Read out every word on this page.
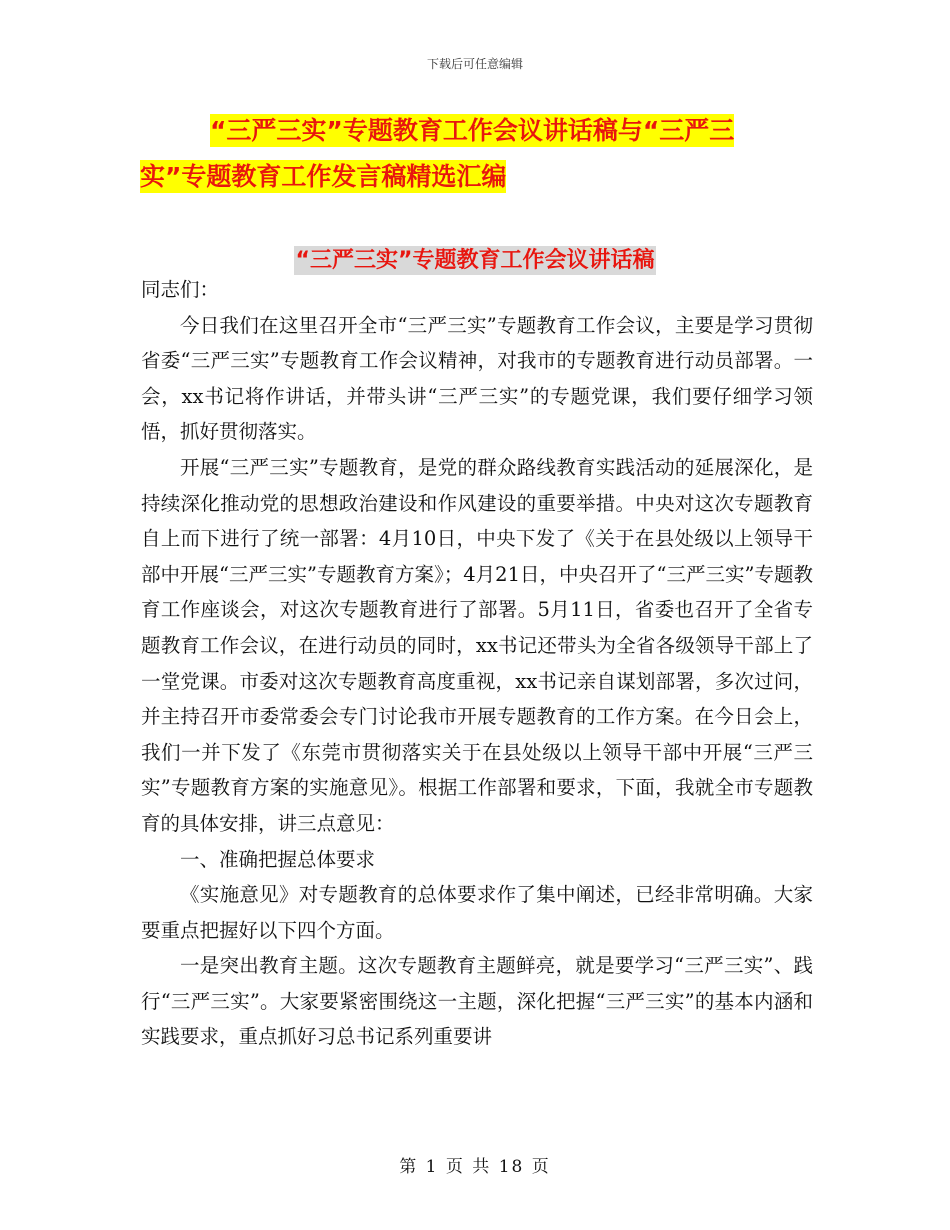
下载后可任意编辑
“三严三实”专题教育工作会议讲话稿与“三严三
实”专题教育工作发言稿精选汇编
“三严三实”专题教育工作会议讲话稿

同志们：

今日我们在这里召开全市“三严三实”专题教育工作会议，主要是学习贯彻省委“三严三实”专题教育工作会议精神，对我市的专题教育进行动员部署。一会，xx书记将作讲话，并带头讲“三严三实”的专题党课，我们要仔细学习领悟，抓好贯彻落实。

开展“三严三实”专题教育，是党的群众路线教育实践活动的延展深化，是持续深化推动党的思想政治建设和作风建设的重要举措。中央对这次专题教育自上而下进行了统一部署：4月10日，中央下发了《关于在县处级以上领导干部中开展“三严三实”专题教育方案》；4月21日，中央召开了“三严三实”专题教育工作座谈会，对这次专题教育进行了部署。5月11日，省委也召开了全省专题教育工作会议，在进行动员的同时，xx书记还带头为全省各级领导干部上了一堂党课。市委对这次专题教育高度重视，xx书记亲自谋划部署，多次过问，并主持召开市委常委会专门讨论我市开展专题教育的工作方案。在今日会上，我们一并下发了《东莞市贯彻落实关于在县处级以上领导干部中开展“三严三实”专题教育方案的实施意见》。根据工作部署和要求，下面，我就全市专题教育的具体安排，讲三点意见：

一、准确把握总体要求

《实施意见》对专题教育的总体要求作了集中阐述，已经非常明确。大家要重点把握好以下四个方面。

一是突出教育主题。这次专题教育主题鲜亮，就是要学习“三严三实”、践行“三严三实”。大家要紧密围绕这一主题，深化把握“三严三实”的基本内涵和实践要求，重点抓好习总书记系列重要讲

第 1 页 共 18 页
